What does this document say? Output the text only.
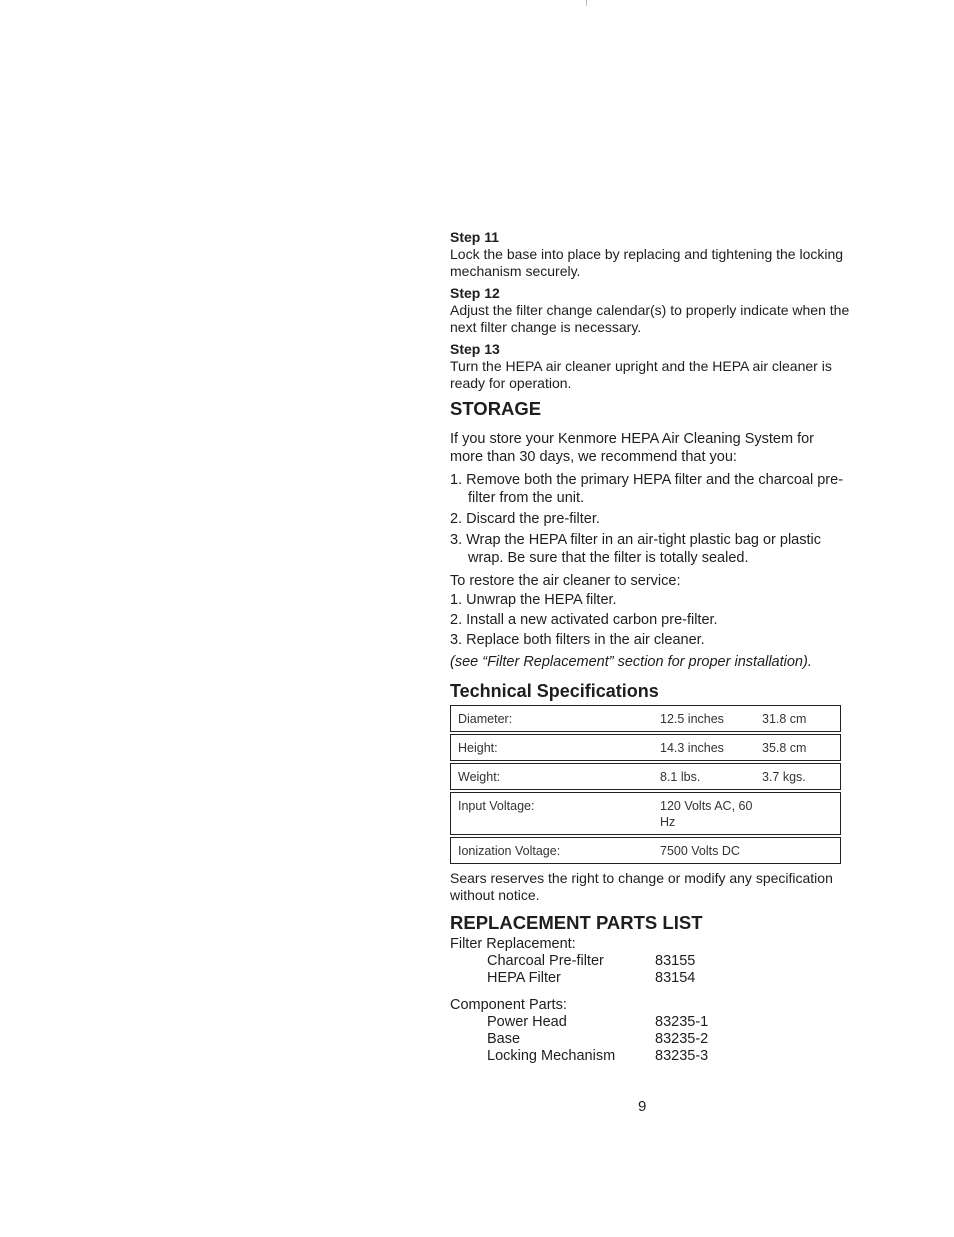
Step 11
Lock the base into place by replacing and tightening the locking mechanism securely.
Step 12
Adjust the filter change calendar(s) to properly indicate when the next filter change is necessary.
Step 13
Turn the HEPA air cleaner upright and the HEPA air cleaner is ready for operation.
STORAGE
If you store your Kenmore HEPA Air Cleaning System for more than 30 days, we recommend that you:
1. Remove both the primary HEPA filter and the charcoal pre-filter from the unit.
2. Discard the pre-filter.
3. Wrap the HEPA filter in an air-tight plastic bag or plastic wrap. Be sure that the filter is totally sealed.
To restore the air cleaner to service:
1. Unwrap the HEPA filter.
2. Install a new activated carbon pre-filter.
3. Replace both filters in the air cleaner.
(see “Filter Replacement” section for proper installation).
Technical Specifications
Diameter:	12.5 inches	31.8 cm

Height:	14.3 inches	35.8 cm

Weight:	8.1 lbs.	3.7 kgs.

Input Voltage:	120 Volts AC, 60 Hz	

Ionization Voltage:	7500 Volts DC	
Sears reserves the right to change or modify any specification without notice.
REPLACEMENT PARTS LIST
Filter Replacement:
Charcoal Pre-filter	83155
HEPA Filter	83154
Component Parts:
Power Head	83235-1
Base	83235-2
Locking Mechanism	83235-3
9
